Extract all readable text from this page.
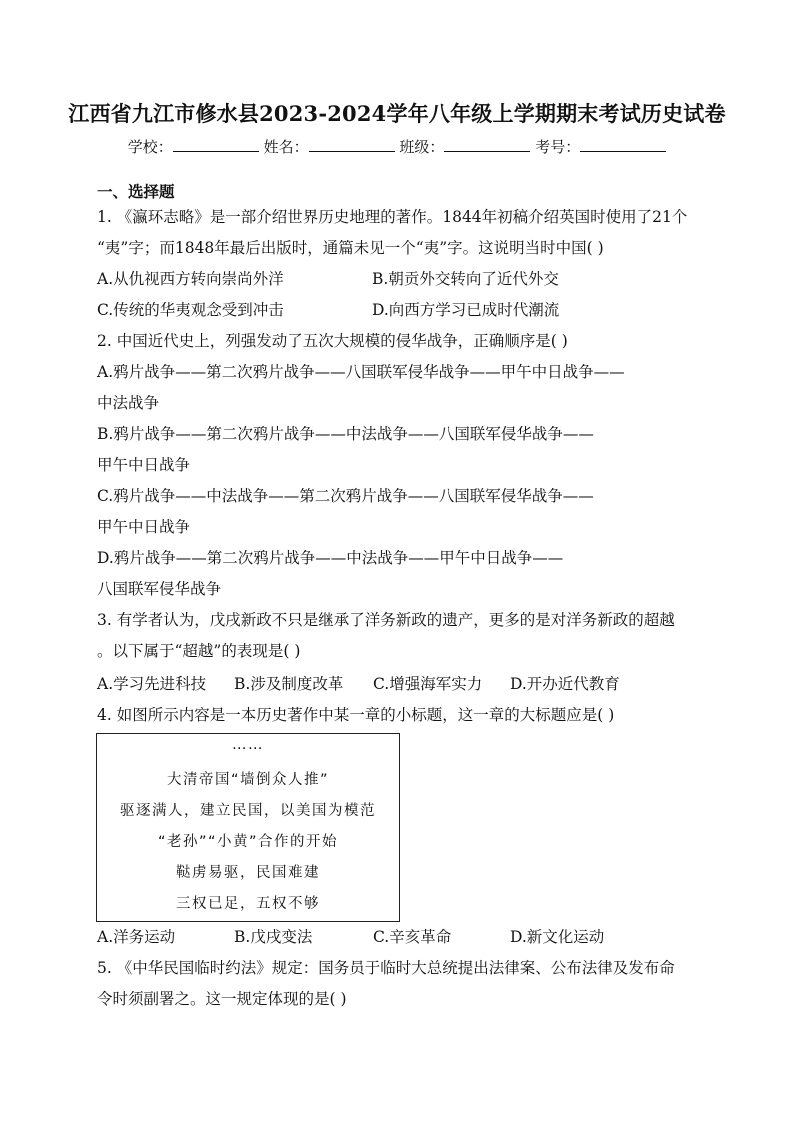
江西省九江市修水县2023-2024学年八年级上学期期末考试历史试卷
学校：	姓名：	班级：	考号：
一、选择题
1. 《瀛环志略》是一部介绍世界历史地理的著作。1844年初稿介绍英国时使用了21个
“夷”字；而1848年最后出版时，通篇未见一个“夷”字。这说明当时中国( )
A.从仇视西方转向崇尚外洋	B.朝贡外交转向了近代外交
C.传统的华夷观念受到冲击	D.向西方学习已成时代潮流
2. 中国近代史上，列强发动了五次大规模的侵华战争，正确顺序是( )
A.鸦片战争——第二次鸦片战争——八国联军侵华战争——甲午中日战争——
中法战争
B.鸦片战争——第二次鸦片战争——中法战争——八国联军侵华战争——
甲午中日战争
C.鸦片战争——中法战争——第二次鸦片战争——八国联军侵华战争——
甲午中日战争
D.鸦片战争——第二次鸦片战争——中法战争——甲午中日战争——
八国联军侵华战争
3. 有学者认为，戊戌新政不只是继承了洋务新政的遗产，更多的是对洋务新政的超越
。以下属于“超越”的表现是( )
A.学习先进科技 B.涉及制度改革 C.增强海军实力 D.开办近代教育
4. 如图所示内容是一本历史著作中某一章的小标题，这一章的大标题应是( )
……
大清帝国“墙倒众人推”
驱逐满人，建立民国，以美国为模范
“老孙”“小黄”合作的开始
鞑虏易驱，民国难建
三权已足，五权不够
A.洋务运动	B.戊戌变法	C.辛亥革命	D.新文化运动
5. 《中华民国临时约法》规定：国务员于临时大总统提出法律案、公布法律及发布命
令时须副署之。这一规定体现的是( )
